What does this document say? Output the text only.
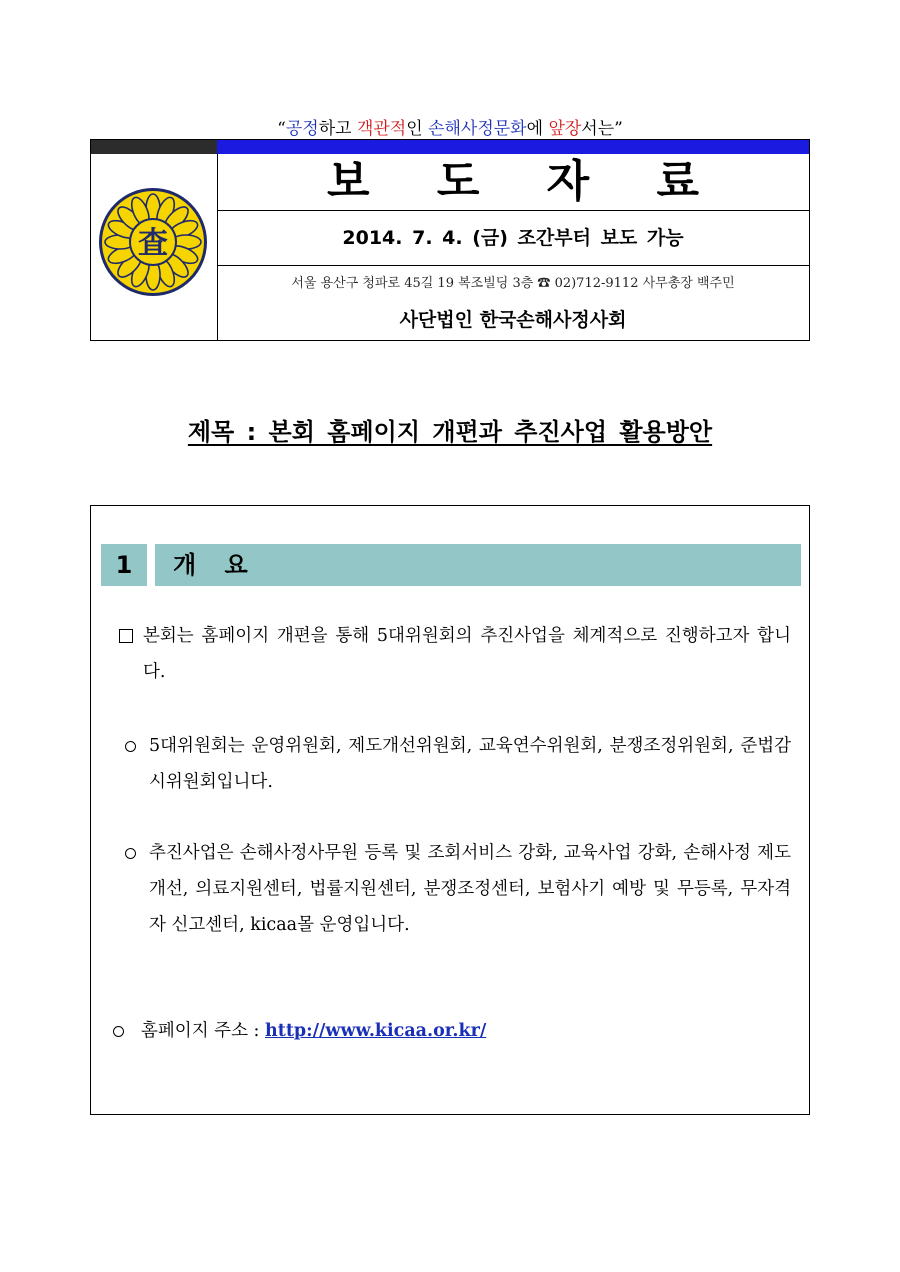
“공정하고 객관적인 손해사정문화에 앞장서는”
査
보 도 자 료
2014. 7. 4. (금) 조간부터 보도 가능
서울 용산구 청파로 45길 19 복조빌딩 3층 ☎ 02)712-9112 사무총장 백주민
사단법인 한국손해사정사회
제목 : 본회 홈페이지 개편과 추진사업 활용방안
1	개 요
본회는 홈페이지 개편을 통해 5대위원회의 추진사업을 체계적으로 진행하고자 합니다.
5대위원회는 운영위원회, 제도개선위원회, 교육연수위원회, 분쟁조정위원회, 준법감시위원회입니다.
추진사업은 손해사정사무원 등록 및 조회서비스 강화, 교육사업 강화, 손해사정 제도개선, 의료지원센터, 법률지원센터, 분쟁조정센터, 보험사기 예방 및 무등록, 무자격자 신고센터, kicaa몰 운영입니다.
홈페이지 주소 : http://www.kicaa.or.kr/
